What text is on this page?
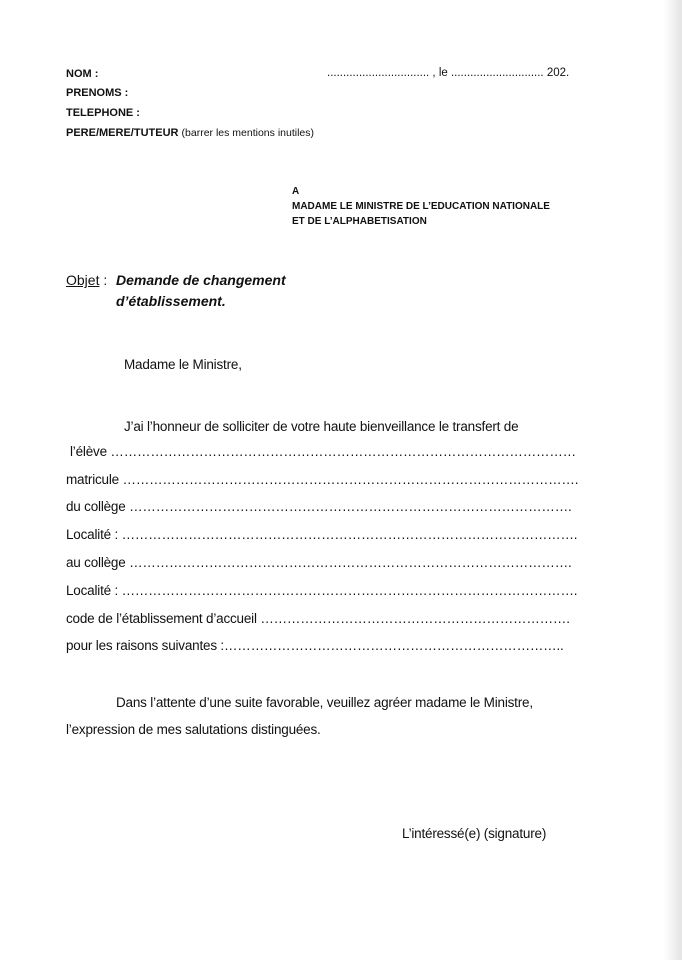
NOM :
PRENOMS :
TELEPHONE :
PERE/MERE/TUTEUR (barrer les mentions inutiles)
................................ , le ............................. 202.
A
MADAME LE MINISTRE DE L’EDUCATION NATIONALE
ET DE L’ALPHABETISATION
Objet : Demande de changement
d’établissement.
Madame le Ministre,
J’ai l’honneur de solliciter de votre haute bienveillance le transfert de
l’élève ……………………………………………………………………………………………
matricule ………………………………………………………………………………………….
du collège ……………………………………………………………………………………….
Localité : ………………………………………………………………………………………….
au collège ……………………………………………………………………………………….
Localité : ………………………………………………………………………………………….
code de l’établissement d’accueil …………………………………………………………….
pour les raisons suivantes :…………………………………………………………………..
Dans l’attente d’une suite favorable, veuillez agréer madame le Ministre,
l’expression de mes salutations distinguées.
L’intéressé(e) (signature)
